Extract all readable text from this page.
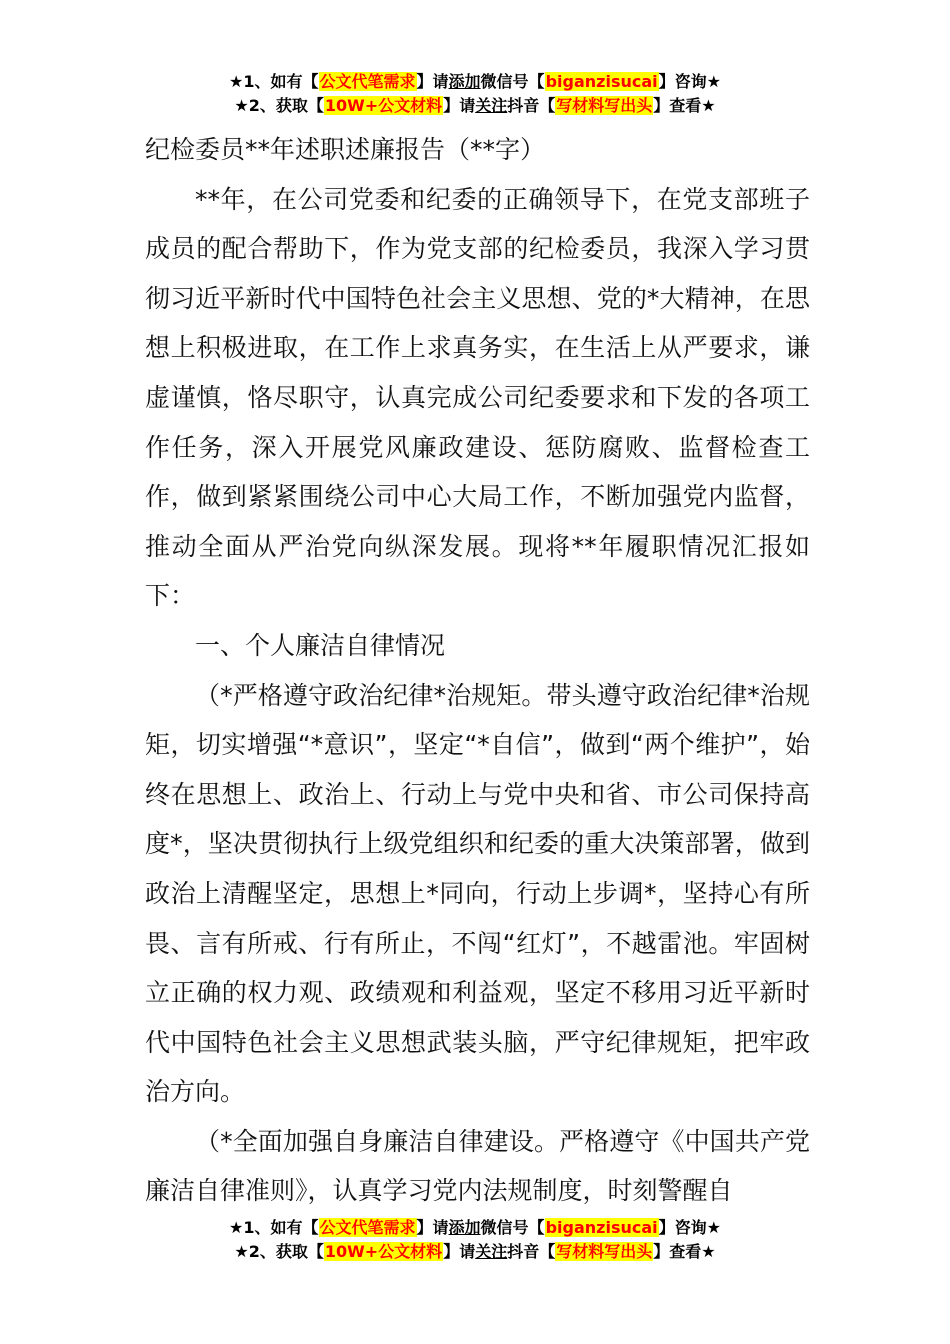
★1、如有【公文代笔需求】请添加微信号【biganzisucai】咨询★
★2、获取【10W+公文材料】请关注抖音【写材料写出头】查看★

纪检委员**年述职述廉报告（**字）

**年，在公司党委和纪委的正确领导下，在党支部班子成员的配合帮助下，作为党支部的纪检委员，我深入学习贯彻习近平新时代中国特色社会主义思想、党的*大精神，在思想上积极进取，在工作上求真务实，在生活上从严要求，谦虚谨慎，恪尽职守，认真完成公司纪委要求和下发的各项工作任务，深入开展党风廉政建设、惩防腐败、监督检查工作，做到紧紧围绕公司中心大局工作，不断加强党内监督，推动全面从严治党向纵深发展。现将**年履职情况汇报如下：

一、个人廉洁自律情况

（*严格遵守政治纪律*治规矩。带头遵守政治纪律*治规矩，切实增强“*意识”，坚定“*自信”，做到“两个维护”，始终在思想上、政治上、行动上与党中央和省、市公司保持高度*，坚决贯彻执行上级党组织和纪委的重大决策部署，做到政治上清醒坚定，思想上*同向，行动上步调*，坚持心有所畏、言有所戒、行有所止，不闯“红灯”，不越雷池。牢固树立正确的权力观、政绩观和利益观，坚定不移用习近平新时代中国特色社会主义思想武装头脑，严守纪律规矩，把牢政治方向。

（*全面加强自身廉洁自律建设。严格遵守《中国共产党廉洁自律准则》，认真学习党内法规制度，时刻警醒自

★1、如有【公文代笔需求】请添加微信号【biganzisucai】咨询★
★2、获取【10W+公文材料】请关注抖音【写材料写出头】查看★
